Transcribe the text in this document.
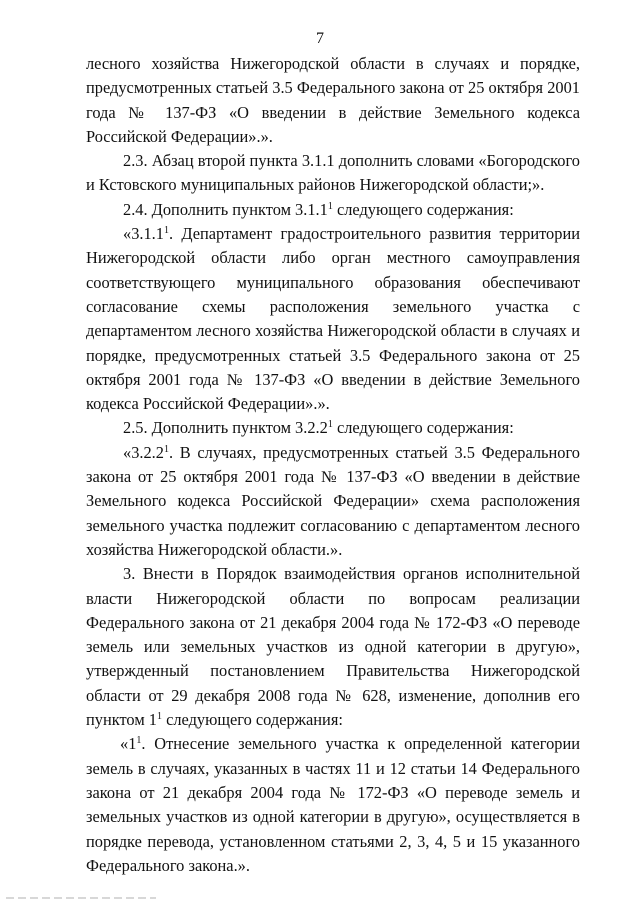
7

лесного хозяйства Нижегородской области в случаях и порядке, предусмотренных статьей 3.5 Федерального закона от 25 октября 2001 года № 137-ФЗ «О введении в действие Земельного кодекса Российской Федерации».».

2.3. Абзац второй пункта 3.1.1 дополнить словами «Богородского и Кстовского муниципальных районов Нижегородской области;».

2.4. Дополнить пунктом 3.1.1$^1$ следующего содержания:

«3.1.1$^1$. Департамент градостроительного развития территории Нижегородской области либо орган местного самоуправления соответствующего муниципального образования обеспечивают согласование схемы расположения земельного участка с департаментом лесного хозяйства Нижегородской области в случаях и порядке, предусмотренных статьей 3.5 Федерального закона от 25 октября 2001 года № 137-ФЗ «О введении в действие Земельного кодекса Российской Федерации».».

2.5. Дополнить пунктом 3.2.2$^1$ следующего содержания:

«3.2.2$^1$. В случаях, предусмотренных статьей 3.5 Федерального закона от 25 октября 2001 года № 137-ФЗ «О введении в действие Земельного кодекса Российской Федерации» схема расположения земельного участка подлежит согласованию с департаментом лесного хозяйства Нижегородской области.».

3. Внести в Порядок взаимодействия органов исполнительной власти Нижегородской области по вопросам реализации Федерального закона от 21 декабря 2004 года № 172-ФЗ «О переводе земель или земельных участков из одной категории в другую», утвержденный постановлением Правительства Нижегородской области от 29 декабря 2008 года № 628, изменение, дополнив его пунктом $1^1$ следующего содержания:

«$1^1$. Отнесение земельного участка к определенной категории земель в случаях, указанных в частях 11 и 12 статьи 14 Федерального закона от 21 декабря 2004 года № 172-ФЗ «О переводе земель и земельных участков из одной категории в другую», осуществляется в порядке перевода, установленном статьями 2, 3, 4, 5 и 15 указанного Федерального закона.».
